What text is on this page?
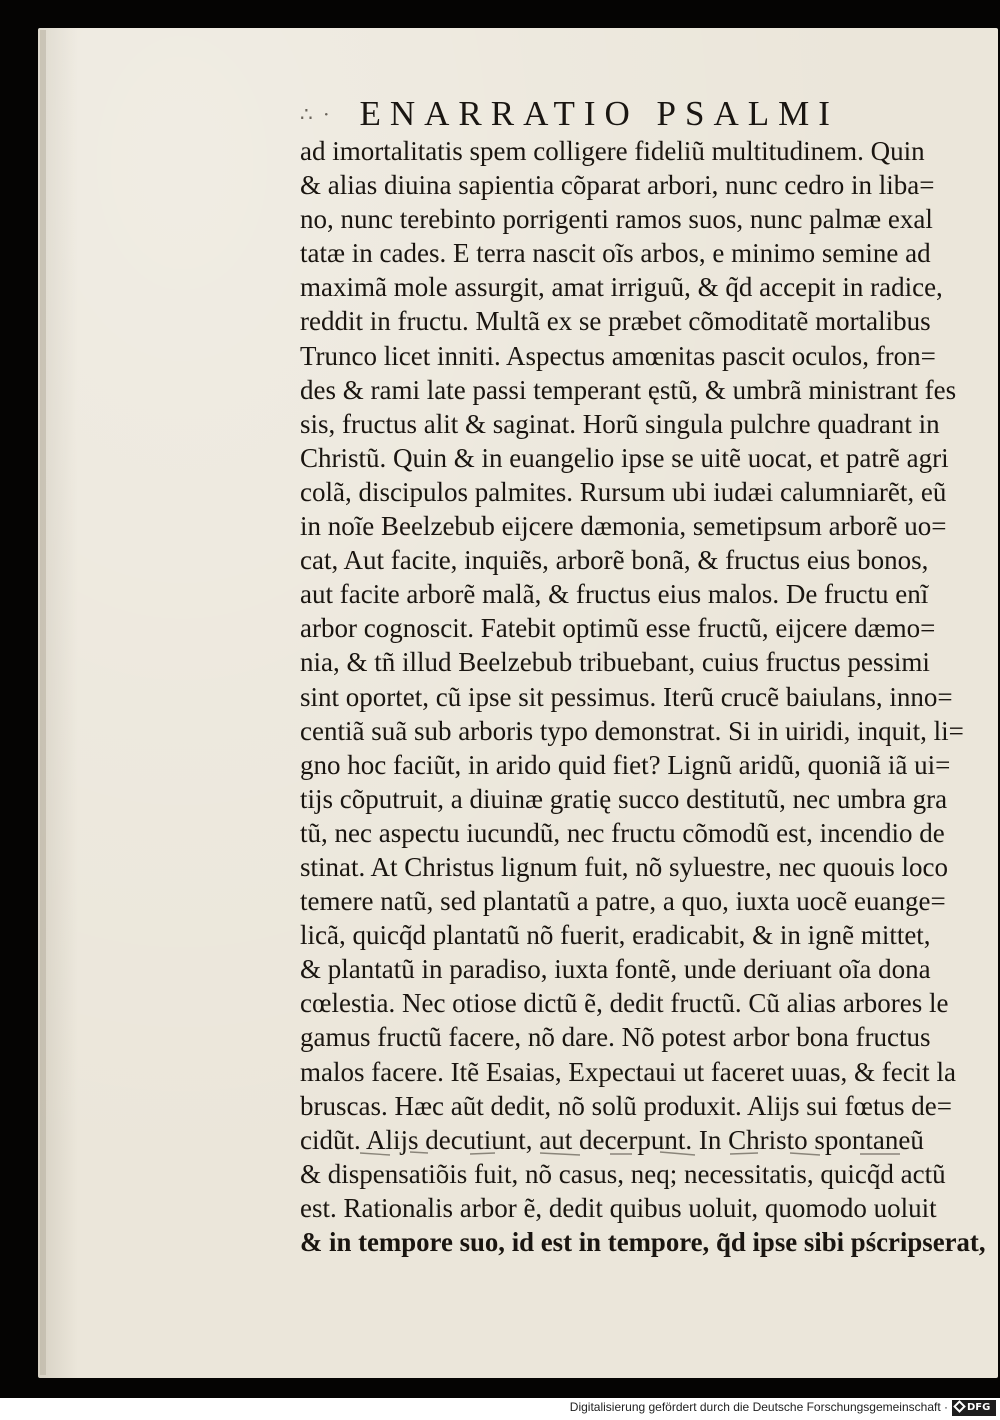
∴ · ENARRATIO PSALMI
ad imortalitatis spem colligere fideliũ multitudinem. Quin
& alias diuina sapientia cõparat arbori, nunc cedro in liba=
no, nunc terebinto porrigenti ramos suos, nunc palmæ exal
tatæ in cades. E terra nascit oĩs arbos, e minimo semine ad
maximã mole assurgit, amat irriguũ, & q̃d accepit in radice,
reddit in fructu. Multã ex se præbet cõmoditatẽ mortalibus
Trunco licet inniti. Aspectus amœnitas pascit oculos, fron=
des & rami late passi temperant ęstũ, & umbrã ministrant fes
sis, fructus alit & saginat. Horũ singula pulchre quadrant in
Christũ. Quin & in euangelio ipse se uitẽ uocat, et patrẽ agri
colã, discipulos palmites. Rursum ubi iudæi calumniarẽt, eũ
in noĩe Beelzebub eijcere dæmonia, semetipsum arborẽ uo=
cat, Aut facite, inquiẽs, arborẽ bonã, & fructus eius bonos,
aut facite arborẽ malã, & fructus eius malos. De fructu enĩ
arbor cognoscit. Fatebit optimũ esse fructũ, eijcere dæmo=
nia, & tñ illud Beelzebub tribuebant, cuius fructus pessimi
sint oportet, cũ ipse sit pessimus. Iterũ crucẽ baiulans, inno=
centiã suã sub arboris typo demonstrat. Si in uiridi, inquit, li=
gno hoc faciũt, in arido quid fiet? Lignũ aridũ, quoniã iã ui=
tijs cõputruit, a diuinæ gratię succo destitutũ, nec umbra gra
tũ, nec aspectu iucundũ, nec fructu cõmodũ est, incendio de
stinat. At Christus lignum fuit, nõ syluestre, nec quouis loco
temere natũ, sed plantatũ a patre, a quo, iuxta uocẽ euange=
licã, quicq̃d plantatũ nõ fuerit, eradicabit, & in ignẽ mittet,
& plantatũ in paradiso, iuxta fontẽ, unde deriuant oĩa dona
cœlestia. Nec otiose dictũ ẽ, dedit fructũ. Cũ alias arbores le
gamus fructũ facere, nõ dare. Nõ potest arbor bona fructus
malos facere. Itẽ Esaias, Expectaui ut faceret uuas, & fecit la
bruscas. Hæc aũt dedit, nõ solũ produxit. Alijs sui fœtus de=
cidũt. Alijs decutiunt, aut decerpunt. In Christo spontaneũ
& dispensatiõis fuit, nõ casus, neq; necessitatis, quicq̃d actũ
est. Rationalis arbor ẽ, dedit quibus uoluit, quomodo uoluit
& in tempore suo, id est in tempore, q̃d ipse sibi pścripserat,
Digitalisierung gefördert durch die Deutsche Forschungsgemeinschaft ·	DFG
